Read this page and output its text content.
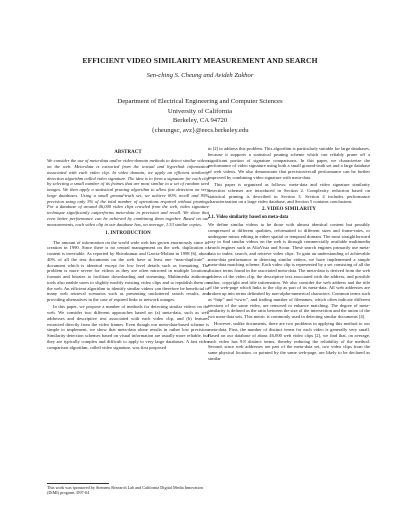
EFFICIENT VIDEO SIMILARITY MEASUREMENT AND SEARCH
Sen-ching S. Cheung and Avideh Zakhor
Department of Electrical Engineering and Computer Sciences
University of California
Berkeley, CA 94720
{cheungsc, avz}@eecs.berkeley.edu
ABSTRACT

We consider the use of meta-data and/or video-domain methods to detect similar videos on the web. Meta-data is extracted from the textual and hyperlink information associated with each video clip. In video domain, we apply an efficient similarity detection algorithm called video signature. The idea is to form a signature for each clip by selecting a small number of its frames that are most similar to a set of random seed images. We then apply a statistical pruning algorithm to allow fast detection on very large databases. Using a small ground-truth set, we achieve 80% recall and 95% precision using only 3% of the total number of operations required without pruning. For a database of around 46,000 video clips crawled from the web, video signature technique significantly outperforms meta-data in precision and recall. We show that even better performance can be achieved by combining them together. Based on our measurements, each video clip in our database has, on average, 1.53 similar copies.

1. INTRODUCTION

The amount of information on the world wide web has grown enormously since its creation in 1990. Since there is no central management on the web, duplication of content is inevitable. As reported by Shivakumar and Garcia-Molina in 1998 [6], about 40% of all the text documents on the web have at least one “near-duplicate” – document which is identical except for low level details such as formatting. The problem is more severe for videos as they are often mirrored in multiple locations, formats and bitrates to facilitate downloading and streaming. Multimedia authoring tools also enable users to slightly modify existing video clips and to republish them on the web. An efficient algorithm to identify similar videos can therefore be beneficial to many web retrieval scenarios such as presenting uncluttered search results, and providing alternatives in the case of expired links or network outages.

In this paper, we propose a number of methods for detecting similar videos on the web. We consider two different approaches based on (a) meta-data, such as web addresses and descriptive text associated with each video clip, and (b) features extracted directly from the video frames. Even though our meta-data-based scheme is simple to implement, we show that meta-data alone results in rather low precision. Similarity detection schemes based on visual information are usually more reliable, but they are typically complex and difficult to apply to very large databases. A fast video comparison algorithm, called video signature, was first proposed

in [2] to address this problem. This algorithm is particularly suitable for large databases, because it supports a statistical pruning scheme which can reliably prune off a significant portion of signature comparisons. In this paper, we characterize the performance of video signature using both a small ground-truth set and a large database of web videos. We also demonstrate that precision/recall performance can be further improved by combining video signature with meta-data.

This paper is organized as follows: meta-data and video signature similarity detection schemes are introduced in Section 2. Complexity reduction based on statistical pruning is described in Section 3. Section 4 includes performance characterization on a large video database, and Section 5 contains conclusions.

2. VIDEO SIMILARITY
2.1. Video similarity based on meta-data

We define similar videos to be those with almost identical content but possibly compressed at different qualities, reformatted to different sizes and frame-rates, or undergone minor editing in either spatial or temporal domain. The most straightforward way to find similar videos on the web is through commercially available multimedia search engines such as AltaVista and Scour. These search engines primarily use meta-data to index, search, and retrieve video clips. To gain an understanding of achievable meta-data performance in detecting similar videos, we have implemented a simple meta-data matching scheme. Each video clip is represented by a set consisting of all the distinct terms found in the associated meta-data. The meta-data is derived from the web address of the video clip, the descriptive text associated with the address, and possible author, copyright and title information. We also consider the web address and the title of the web-page which links to the clip as part of its meta-data. All web addresses are broken up into terms delimited by non-alpha-numerical characters. Common terms such as “http” and “www”, and trailing number of filenames, which often indicate different versions of the same video, are removed to enhance matching. The degree of meta-similarity is defined as the ratio between the size of the intersection and the union of the two meta-data sets. This metric is commonly used in detecting similar documents [4].

However, unlike documents, there are two problems in applying this method to our meta-data. First, the number of distinct terms for each video is generally very small. Based on our database of about 46,000 web video clips [2], we find that, on average, each video has 9.8 distinct terms, thereby reducing the reliability of the method. Second, since web addresses are part of the meta-data set, two video clips from the same physical location, or pointed by the same web-page, are likely to be declared as similar

This work was sponsored by Siemens Research Lab and California Digital Media Innovation (DiMI) program. D97-04
